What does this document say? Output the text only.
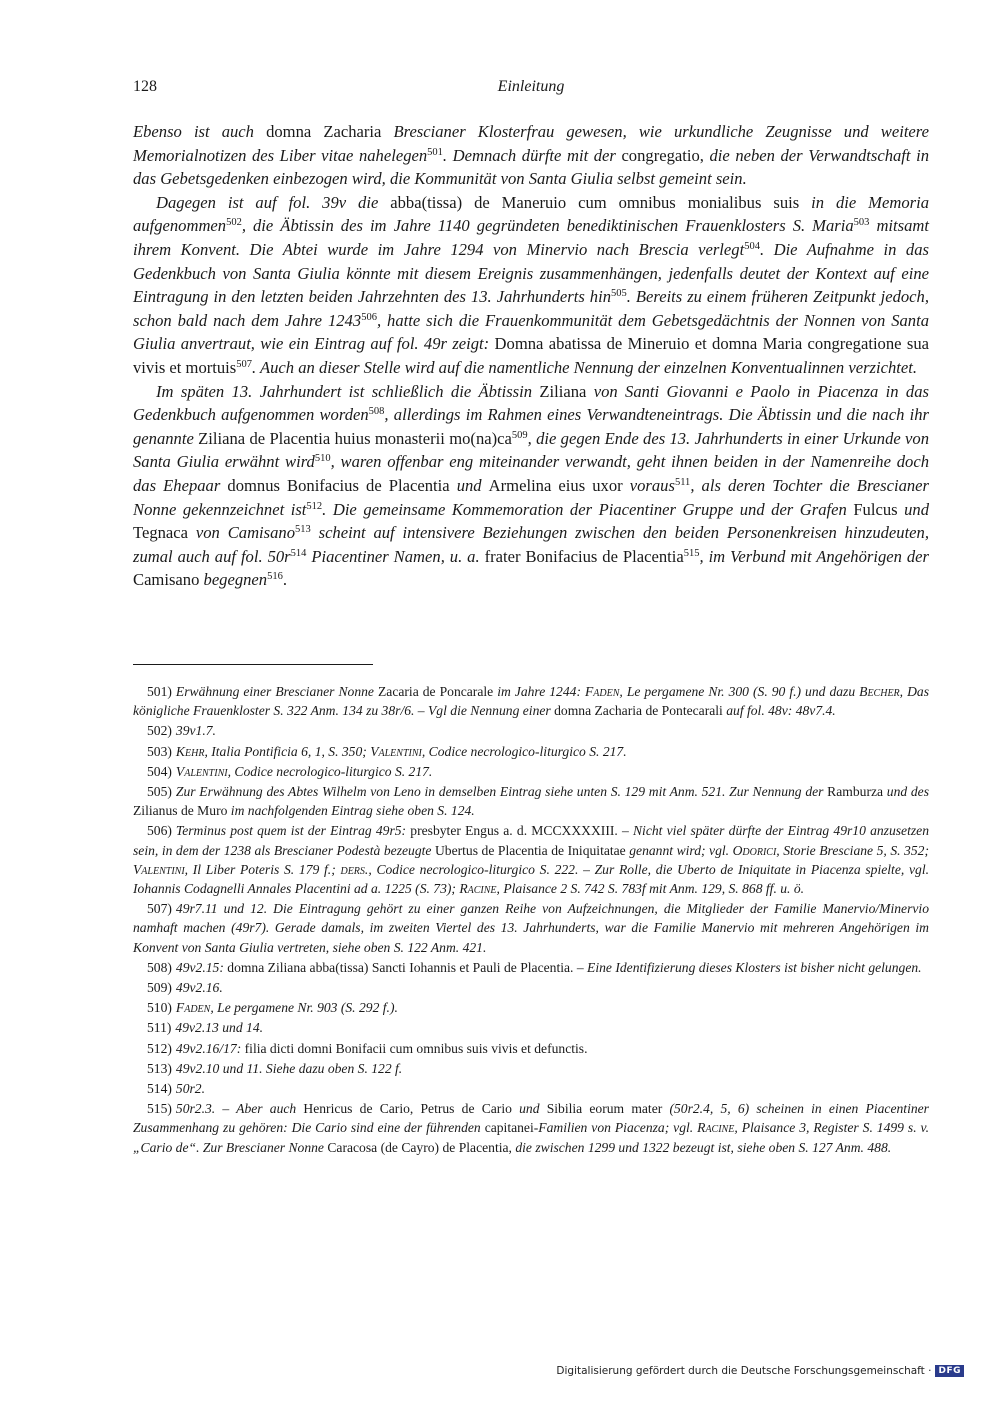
128	Einleitung

Ebenso ist auch domna Zacharia Brescianer Klosterfrau gewesen, wie urkundliche Zeugnisse und weitere Memorialnotizen des Liber vitae nahelegen$^{501}$. Demnach dürfte mit der congregatio, die neben der Verwandtschaft in das Gebetsgedenken einbezogen wird, die Kommunität von Santa Giulia selbst gemeint sein.

Dagegen ist auf fol. 39v die abba(tissa) de Maneruio cum omnibus monialibus suis in die Memoria aufgenommen$^{502}$, die Äbtissin des im Jahre 1140 gegründeten benediktinischen Frauenklosters S. Maria$^{503}$ mitsamt ihrem Konvent. Die Abtei wurde im Jahre 1294 von Minervio nach Brescia verlegt$^{504}$. Die Aufnahme in das Gedenkbuch von Santa Giulia könnte mit diesem Ereignis zusammenhängen, jedenfalls deutet der Kontext auf eine Eintragung in den letzten beiden Jahrzehnten des 13. Jahrhunderts hin$^{505}$. Bereits zu einem früheren Zeitpunkt jedoch, schon bald nach dem Jahre 1243$^{506}$, hatte sich die Frauenkommunität dem Gebetsgedächtnis der Nonnen von Santa Giulia anvertraut, wie ein Eintrag auf fol. 49r zeigt: Domna abatissa de Mineruio et domna Maria congregatione sua vivis et mortuis$^{507}$. Auch an dieser Stelle wird auf die namentliche Nennung der einzelnen Konventualinnen verzichtet.

Im späten 13. Jahrhundert ist schließlich die Äbtissin Ziliana von Santi Giovanni e Paolo in Piacenza in das Gedenkbuch aufgenommen worden$^{508}$, allerdings im Rahmen eines Verwandteneintrags. Die Äbtissin und die nach ihr genannte Ziliana de Placentia huius monasterii $mo(na)ca^{509}$, die gegen Ende des 13. Jahrhunderts in einer Urkunde von Santa Giulia erwähnt wird$^{510}$, waren offenbar eng miteinander verwandt, geht ihnen beiden in der Namenreihe doch das Ehepaar domnus Bonifacius de Placentia und Armelina eius uxor voraus$^{511}$, als deren Tochter die Brescianer Nonne gekennzeichnet ist$^{512}$. Die gemeinsame Kommemoration der Piacentiner Gruppe und der Grafen Fulcus und Tegnaca von Camisano$^{513}$ scheint auf intensivere Beziehungen zwischen den beiden Personenkreisen hinzudeuten, zumal auch auf fol. $50r^{514}$ Piacentiner Namen, u. a. frater Bonifacius de Placentia$^{515}$, im Verbund mit Angehörigen der Camisano begegnen$^{516}$.

501) Erwähnung einer Brescianer Nonne Zacaria de Poncarale im Jahre 1244: Faden, Le pergamene Nr. 300 (S. 90 f.) und dazu Becher, Das königliche Frauenkloster S. 322 Anm. 134 zu 38r/6. – Vgl die Nennung einer domna Zacharia de Pontecarali auf fol. 48v: 48v7.4.
502) 39v1.7.
503) Kehr, Italia Pontificia 6, 1, S. 350; Valentini, Codice necrologico-liturgico S. 217.
504) Valentini, Codice necrologico-liturgico S. 217.
505) Zur Erwähnung des Abtes Wilhelm von Leno in demselben Eintrag siehe unten S. 129 mit Anm. 521. Zur Nennung der Ramburza und des Zilianus de Muro im nachfolgenden Eintrag siehe oben S. 124.
506) Terminus post quem ist der Eintrag 49r5: presbyter Engus a. d. MCCXXXXIII. – Nicht viel später dürfte der Eintrag 49r10 anzusetzen sein, in dem der 1238 als Brescianer Podestà bezeugte Ubertus de Placentia de Iniquitatae genannt wird; vgl. Odorici, Storie Bresciane 5, S. 352; Valentini, Il Liber Poteris S. 179 f.; ders., Codice necrologico-liturgico S. 222. – Zur Rolle, die Uberto de Iniquitate in Piacenza spielte, vgl. Iohannis Codagnelli Annales Placentini ad a. 1225 (S. 73); Racine, Plaisance 2 S. 742 S. 783f mit Anm. 129, S. 868 ff. u. ö.
507) 49r7.11 und 12. Die Eintragung gehört zu einer ganzen Reihe von Aufzeichnungen, die Mitglieder der Familie Manervio/Minervio namhaft machen (49r7). Gerade damals, im zweiten Viertel des 13. Jahrhunderts, war die Familie Manervio mit mehreren Angehörigen im Konvent von Santa Giulia vertreten, siehe oben S. 122 Anm. 421.
508) 49v2.15: domna Ziliana abba(tissa) Sancti Iohannis et Pauli de Placentia. – Eine Identifizierung dieses Klosters ist bisher nicht gelungen.
509) 49v2.16.
510) Faden, Le pergamene Nr. 903 (S. 292 f.).
511) 49v2.13 und 14.
512) 49v2.16/17: filia dicti domni Bonifacii cum omnibus suis vivis et defunctis.
513) 49v2.10 und 11. Siehe dazu oben S. 122 f.
514) 50r2.
515) 50r2.3. – Aber auch Henricus de Cario, Petrus de Cario und Sibilia eorum mater (50r2.4, 5, 6) scheinen in einen Piacentiner Zusammenhang zu gehören: Die Cario sind eine der führenden capitanei-Familien von Piacenza; vgl. Racine, Plaisance 3, Register S. 1499 s. v. „Cario de“. Zur Brescianer Nonne Caracosa (de Cayro) de Placentia, die zwischen 1299 und 1322 bezeugt ist, siehe oben S. 127 Anm. 488.
Digitalisierung gefördert durch die Deutsche Forschungsgemeinschaft · DFG
